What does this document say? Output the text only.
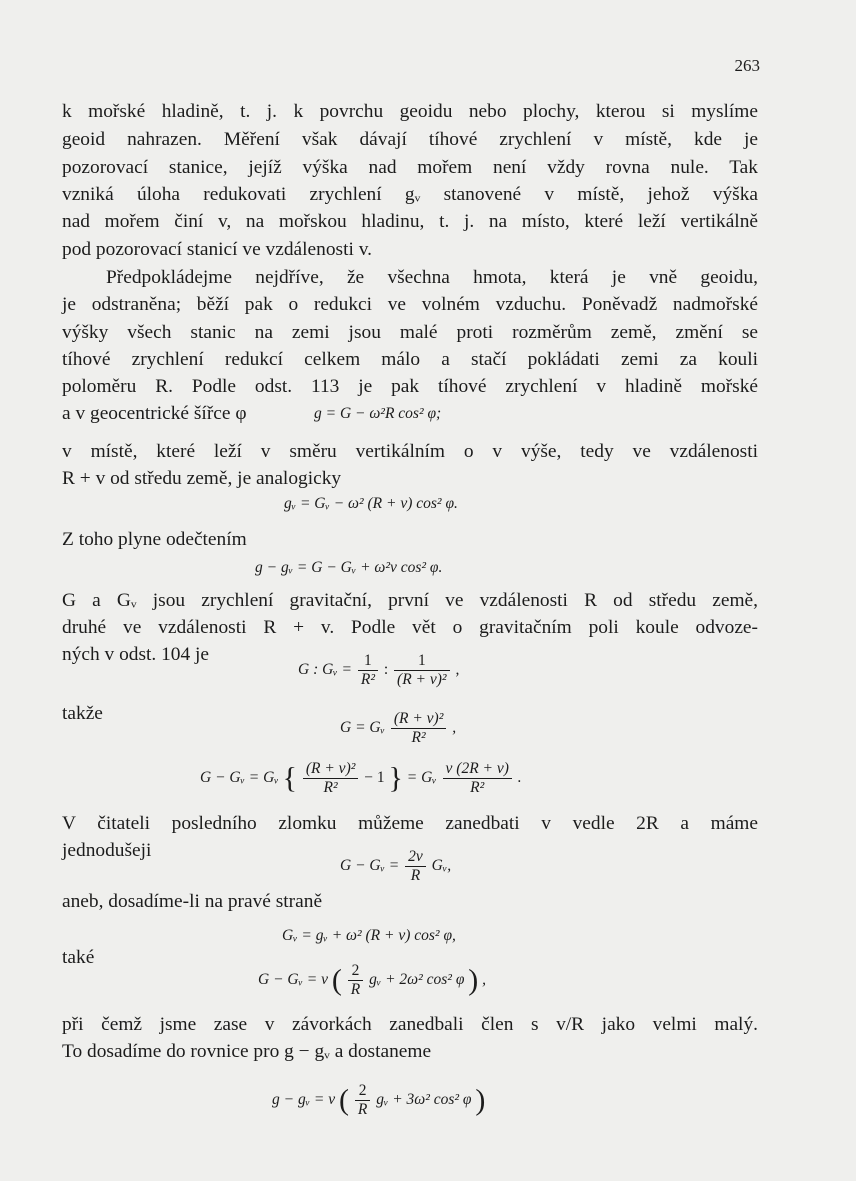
263
k mořské hladině, t. j. k povrchu geoidu nebo plochy, kterou si myslíme
geoid nahrazen. Měření však dávají tíhové zrychlení v místě, kde je
pozorovací stanice, jejíž výška nad mořem není vždy rovna nule. Tak
vzniká úloha redukovati zrychlení gᵥ stanovené v místě, jehož výška
nad mořem činí v, na mořskou hladinu, t. j. na místo, které leží vertikálně
pod pozorovací stanicí ve vzdálenosti v.
Předpokládejme nejdříve, že všechna hmota, která je vně geoidu,
je odstraněna; běží pak o redukci ve volném vzduchu. Poněvadž nadmořské
výšky všech stanic na zemi jsou malé proti rozměrům země, změní se
tíhové zrychlení redukcí celkem málo a stačí pokládati zemi za kouli
poloměru R. Podle odst. 113 je pak tíhové zrychlení v hladině mořské
a v geocentrické šířce φ
v místě, které leží v směru vertikálním o v výše, tedy ve vzdálenosti
R + v od středu země, je analogicky
Z toho plyne odečtením
G a Gᵥ jsou zrychlení gravitační, první ve vzdálenosti R od středu země,
druhé ve vzdálenosti R + v. Podle vět o gravitačním poli koule odvoze-
ných v odst. 104 je
takže
V čitateli posledního zlomku můžeme zanedbati v vedle 2R a máme
jednodušeji
aneb, dosadíme-li na pravé straně
také
při čemž jsme zase v závorkách zanedbali člen s v/R jako velmi malý.
To dosadíme do rovnice pro g − gᵥ a dostaneme
g = G − ω²R cos² φ;
gᵥ = Gᵥ − ω² (R + v) cos² φ.
g − gᵥ = G − Gᵥ + ω²v cos² φ.
G : Gᵥ = $\frac{1}{\text{R²}}$ : $\frac{1}{\text{(R + v)²}}$ ,
G = Gᵥ $\frac{\text{(R + v)²}}{\text{R²}}$ ,
G − Gᵥ = Gᵥ { $\frac{\text{(R + v)²}}{\text{R²}} - 1$ } = Gᵥ $\frac{v (2R + v)}{\text{R²}}$ .
G − Gᵥ = $\frac{2v}{R}$ Gᵥ,
Gᵥ = gᵥ + ω² (R + v) cos² φ,
G − Gᵥ = v ( $\frac{2}{R}$ gᵥ + 2ω² cos² φ ) ,
g − gᵥ = v ( $\frac{2}{R}$ gᵥ + 3ω² cos² φ )
